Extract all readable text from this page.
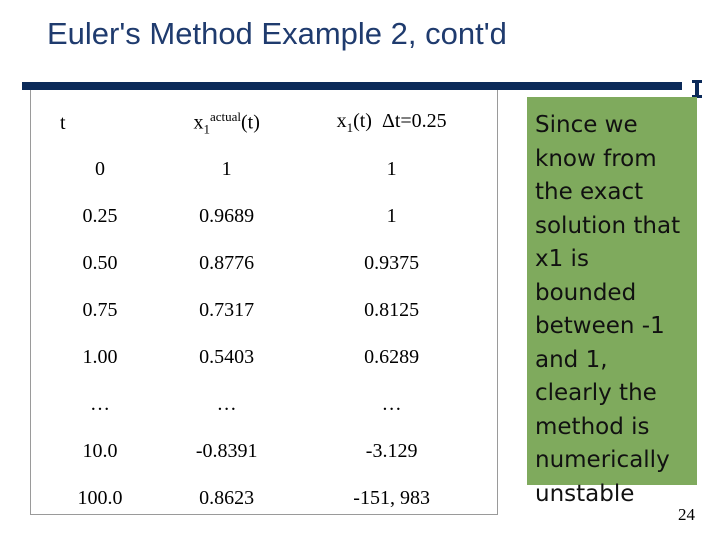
Euler's Method Example 2, cont'd
t	$x_1^{actual}(t)$	$x_1(t)$  Δt=0.25
0	1	1
0.25	0.9689	1
0.50	0.8776	0.9375
0.75	0.7317	0.8125
1.00	0.5403	0.6289
…	…	…
10.0	-0.8391	-3.129
100.0	0.8623	-151, 983
Since we know from the exact solution that x1 is bounded between -1 and 1, clearly the method is numerically unstable
24
